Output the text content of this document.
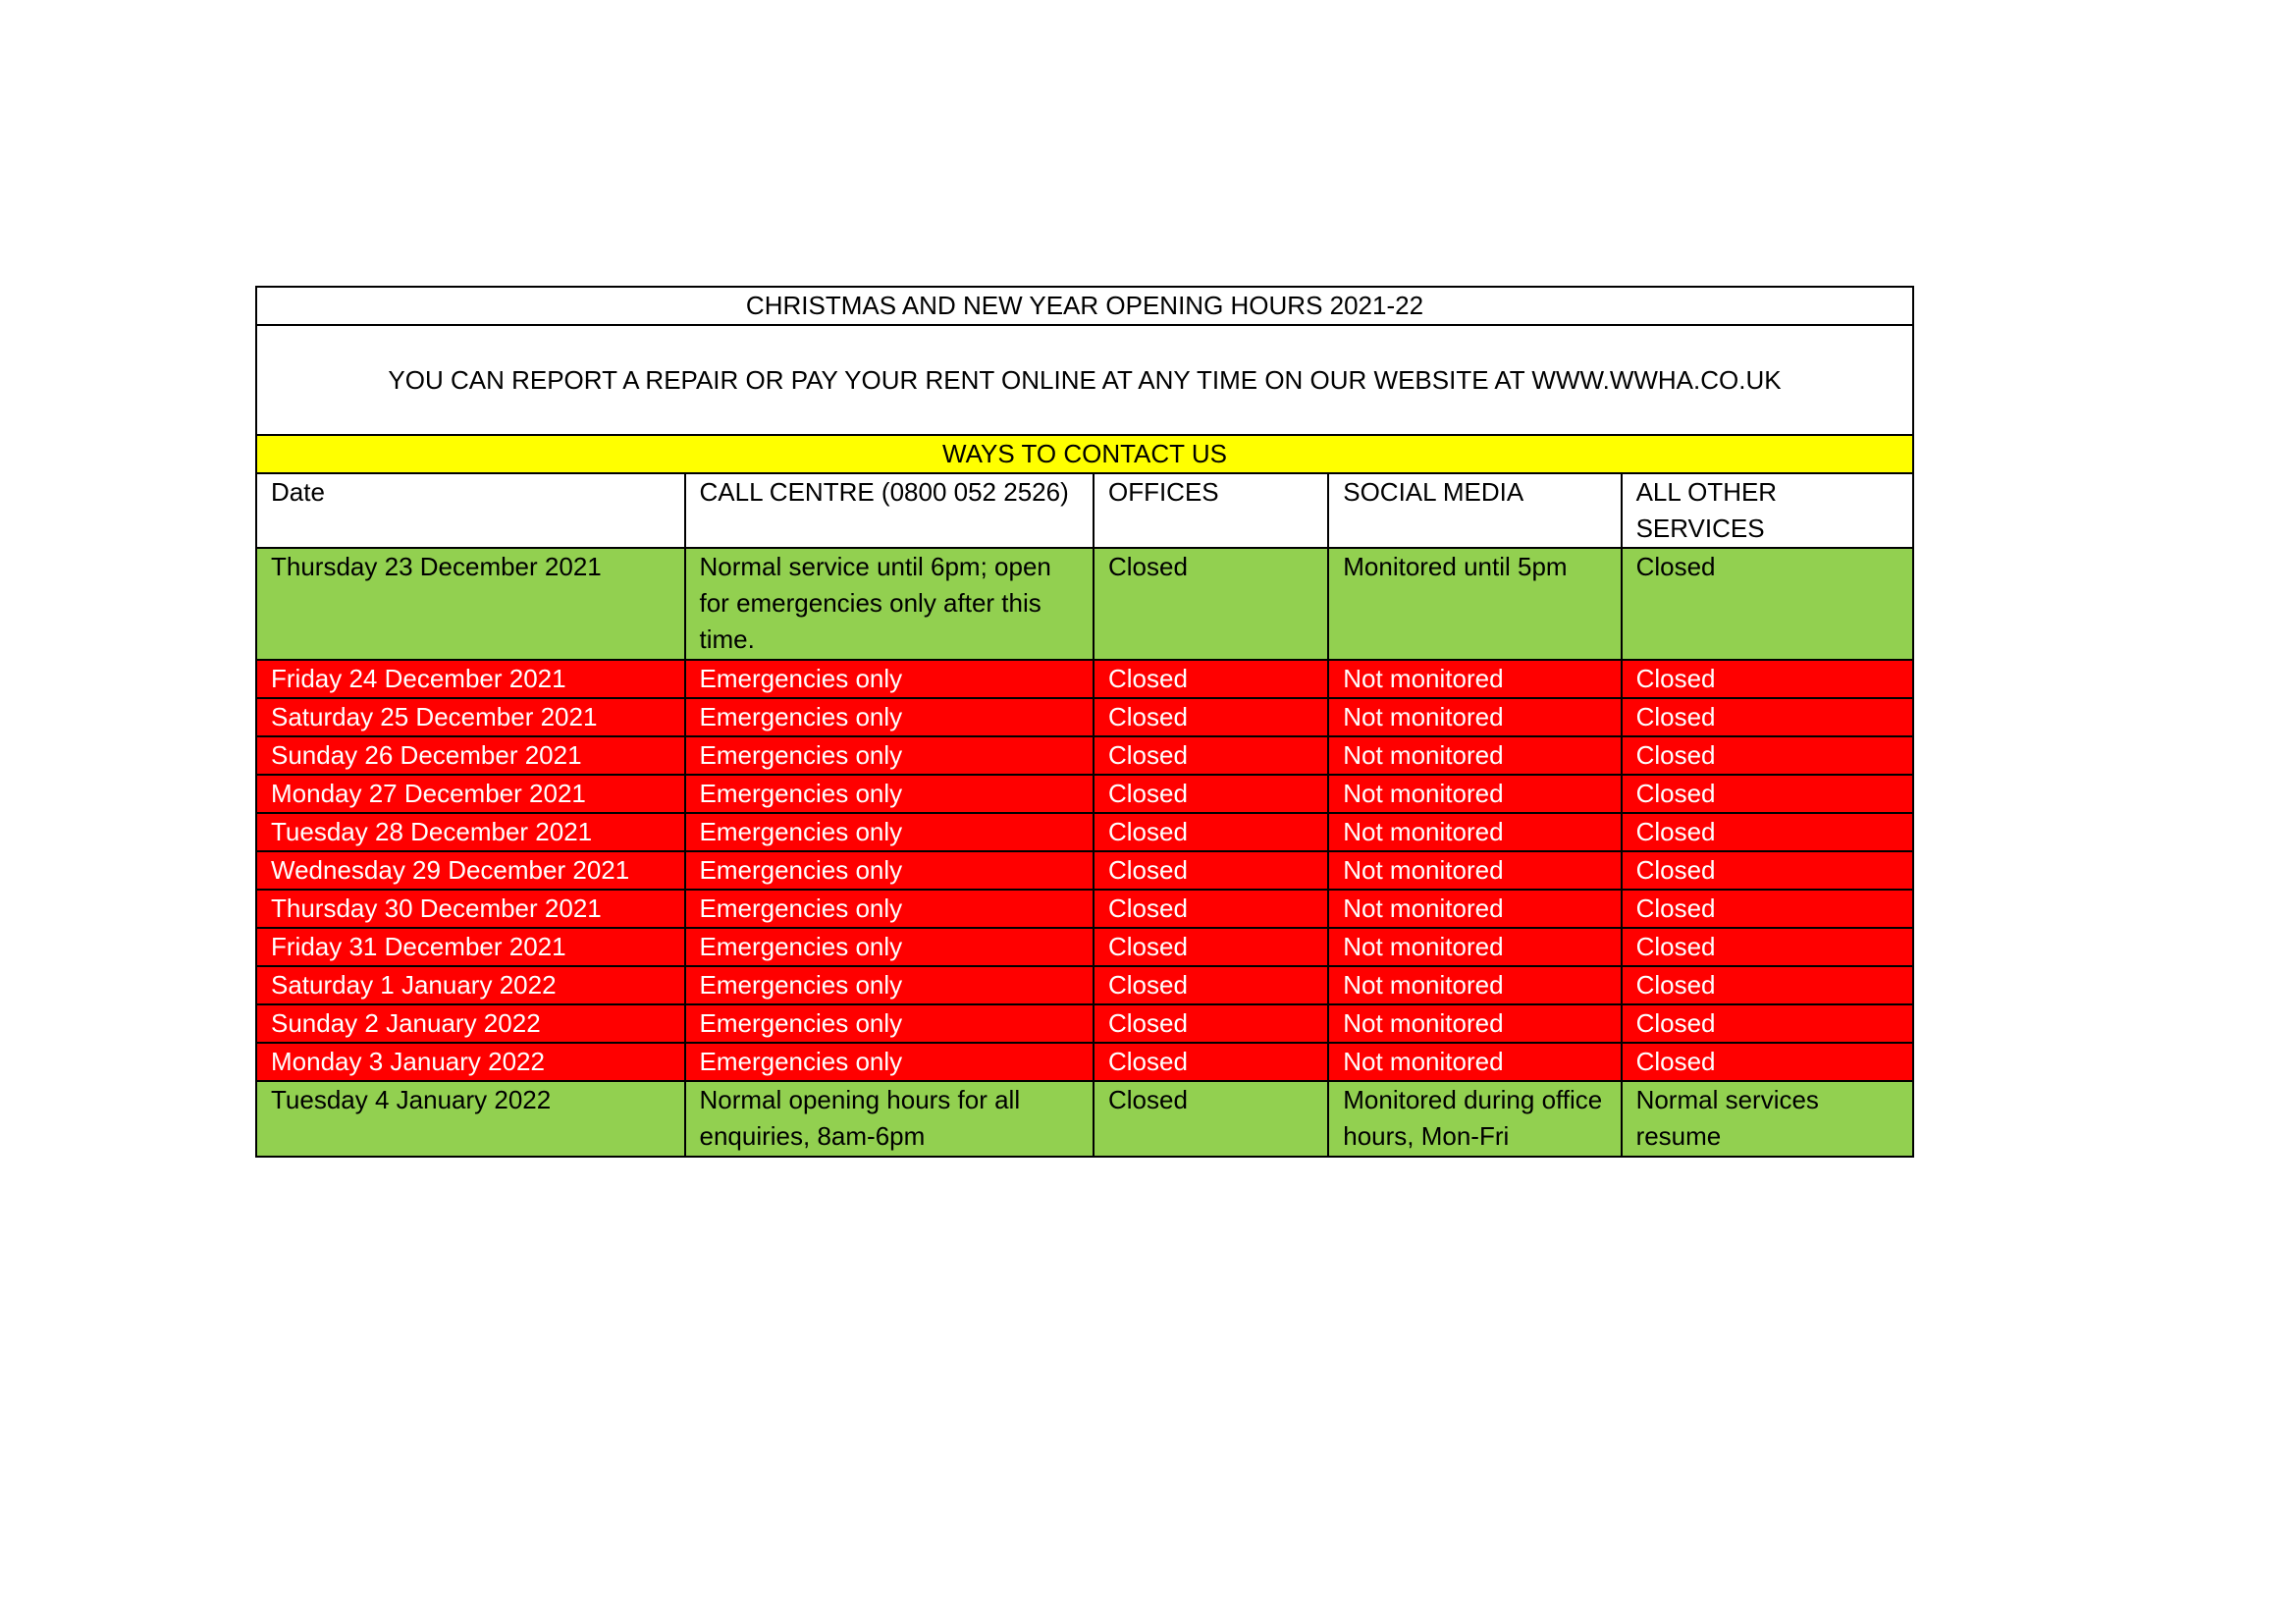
CHRISTMAS AND NEW YEAR OPENING HOURS 2021-22				
YOU CAN REPORT A REPAIR OR PAY YOUR RENT ONLINE AT ANY TIME ON OUR WEBSITE AT WWW.WWHA.CO.UK				
WAYS TO CONTACT US				
Date	CALL CENTRE (0800 052 2526)	OFFICES	SOCIAL MEDIA	ALL OTHER SERVICES
Thursday 23 December 2021	Normal service until 6pm; open for emergencies only after this time.	Closed	Monitored until 5pm	Closed
Friday 24 December 2021	Emergencies only	Closed	Not monitored	Closed
Saturday 25 December 2021	Emergencies only	Closed	Not monitored	Closed
Sunday 26 December 2021	Emergencies only	Closed	Not monitored	Closed
Monday 27 December 2021	Emergencies only	Closed	Not monitored	Closed
Tuesday 28 December 2021	Emergencies only	Closed	Not monitored	Closed
Wednesday 29 December 2021	Emergencies only	Closed	Not monitored	Closed
Thursday 30 December 2021	Emergencies only	Closed	Not monitored	Closed
Friday 31 December 2021	Emergencies only	Closed	Not monitored	Closed
Saturday 1 January 2022	Emergencies only	Closed	Not monitored	Closed
Sunday 2 January 2022	Emergencies only	Closed	Not monitored	Closed
Monday 3 January 2022	Emergencies only	Closed	Not monitored	Closed
Tuesday 4 January 2022	Normal opening hours for all enquiries, 8am-6pm	Closed	Monitored during office hours, Mon-Fri	Normal services resume
